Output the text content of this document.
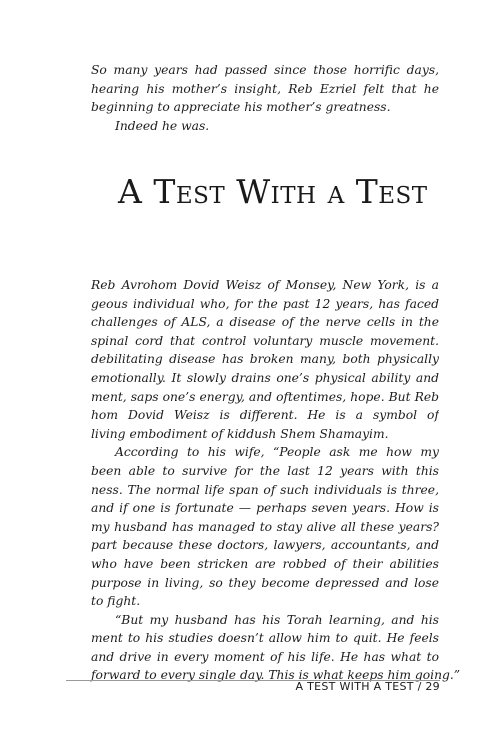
So many years had passed since those horrific days,
hearing his mother’s insight, Reb Ezriel felt that he
beginning to appreciate his mother’s greatness.
Indeed he was.
A Test With a Test
Reb Avrohom Dovid Weisz of Monsey, New York, is a
geous individual who, for the past 12 years, has faced
challenges of ALS, a disease of the nerve cells in the
spinal cord that control voluntary muscle movement.
debilitating disease has broken many, both physically
emotionally. It slowly drains one’s physical ability and
ment, saps one’s energy, and oftentimes, hope. But Reb
hom Dovid Weisz is different. He is a symbol of
living embodiment of kiddush Shem Shamayim.
According to his wife, “People ask me how my
been able to survive for the last 12 years with this
ness. The normal life span of such individuals is three,
and if one is fortunate — perhaps seven years. How is
my husband has managed to stay alive all these years?
part because these doctors, lawyers, accountants, and
who have been stricken are robbed of their abilities
purpose in living, so they become depressed and lose
to fight.
“But my husband has his Torah learning, and his
ment to his studies doesn’t allow him to quit. He feels
and drive in every moment of his life. He has what to
forward to every single day. This is what keeps him going.”
A TEST WITH A TEST / 29
